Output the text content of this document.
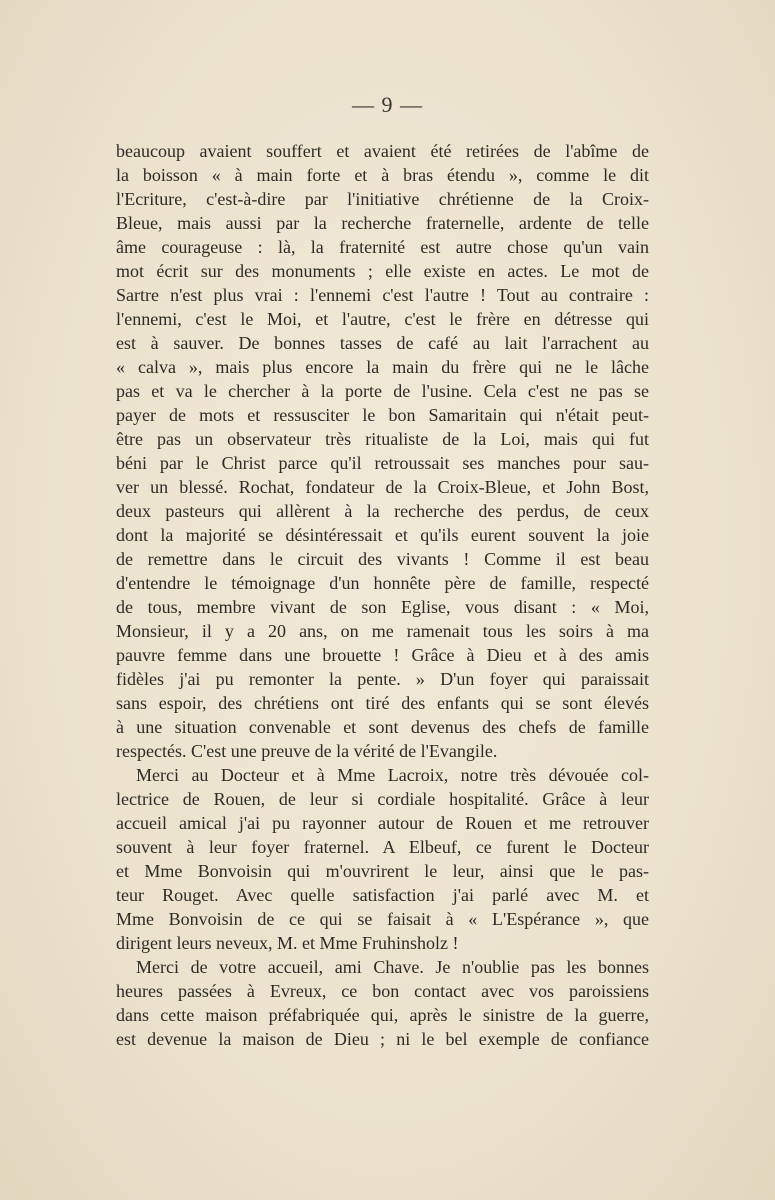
— 9 —
beaucoup avaient souffert et avaient été retirées de l'abîme de
la boisson « à main forte et à bras étendu », comme le dit
l'Ecriture, c'est-à-dire par l'initiative chrétienne de la Croix-
Bleue, mais aussi par la recherche fraternelle, ardente de telle
âme courageuse : là, la fraternité est autre chose qu'un vain
mot écrit sur des monuments ; elle existe en actes. Le mot de
Sartre n'est plus vrai : l'ennemi c'est l'autre ! Tout au contraire :
l'ennemi, c'est le Moi, et l'autre, c'est le frère en détresse qui
est à sauver. De bonnes tasses de café au lait l'arrachent au
« calva », mais plus encore la main du frère qui ne le lâche
pas et va le chercher à la porte de l'usine. Cela c'est ne pas se
payer de mots et ressusciter le bon Samaritain qui n'était peut-
être pas un observateur très ritualiste de la Loi, mais qui fut
béni par le Christ parce qu'il retroussait ses manches pour sau-
ver un blessé. Rochat, fondateur de la Croix-Bleue, et John Bost,
deux pasteurs qui allèrent à la recherche des perdus, de ceux
dont la majorité se désintéressait et qu'ils eurent souvent la joie
de remettre dans le circuit des vivants ! Comme il est beau
d'entendre le témoignage d'un honnête père de famille, respecté
de tous, membre vivant de son Eglise, vous disant : « Moi,
Monsieur, il y a 20 ans, on me ramenait tous les soirs à ma
pauvre femme dans une brouette ! Grâce à Dieu et à des amis
fidèles j'ai pu remonter la pente. » D'un foyer qui paraissait
sans espoir, des chrétiens ont tiré des enfants qui se sont élevés
à une situation convenable et sont devenus des chefs de famille
respectés. C'est une preuve de la vérité de l'Evangile.
Merci au Docteur et à Mme Lacroix, notre très dévouée col-
lectrice de Rouen, de leur si cordiale hospitalité. Grâce à leur
accueil amical j'ai pu rayonner autour de Rouen et me retrouver
souvent à leur foyer fraternel. A Elbeuf, ce furent le Docteur
et Mme Bonvoisin qui m'ouvrirent le leur, ainsi que le pas-
teur Rouget. Avec quelle satisfaction j'ai parlé avec M. et
Mme Bonvoisin de ce qui se faisait à « L'Espérance », que
dirigent leurs neveux, M. et Mme Fruhinsholz !
Merci de votre accueil, ami Chave. Je n'oublie pas les bonnes
heures passées à Evreux, ce bon contact avec vos paroissiens
dans cette maison préfabriquée qui, après le sinistre de la guerre,
est devenue la maison de Dieu ; ni le bel exemple de confiance
